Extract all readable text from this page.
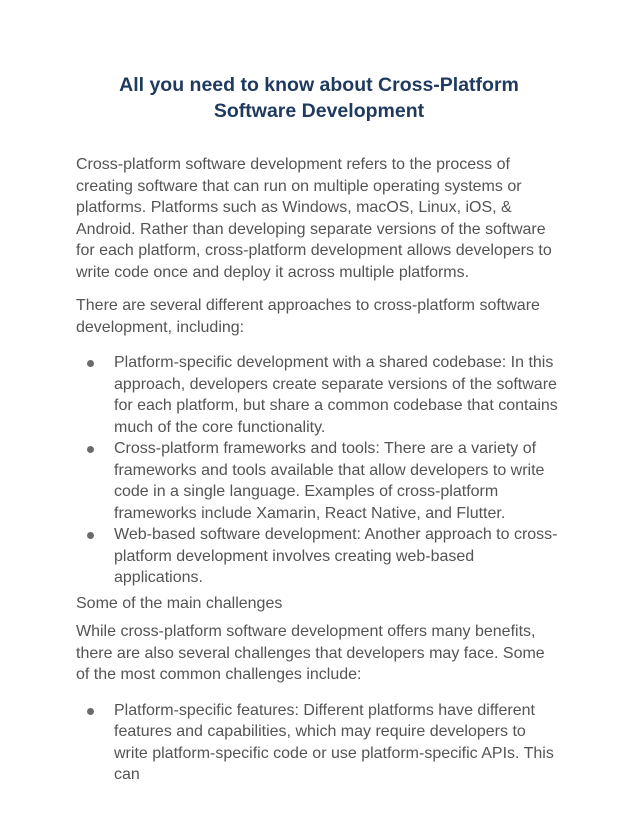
All you need to know about Cross-Platform Software Development

Cross-platform software development refers to the process of creating software that can run on multiple operating systems or platforms. Platforms such as Windows, macOS, Linux, iOS, & Android. Rather than developing separate versions of the software for each platform, cross-platform development allows developers to write code once and deploy it across multiple platforms.

There are several different approaches to cross-platform software development, including:

Platform-specific development with a shared codebase: In this approach, developers create separate versions of the software for each platform, but share a common codebase that contains much of the core functionality.
Cross-platform frameworks and tools: There are a variety of frameworks and tools available that allow developers to write code in a single language. Examples of cross-platform frameworks include Xamarin, React Native, and Flutter.
Web-based software development: Another approach to cross-platform development involves creating web-based applications.

Some of the main challenges

While cross-platform software development offers many benefits, there are also several challenges that developers may face. Some of the most common challenges include:

Platform-specific features: Different platforms have different features and capabilities, which may require developers to write platform-specific code or use platform-specific APIs. This can
